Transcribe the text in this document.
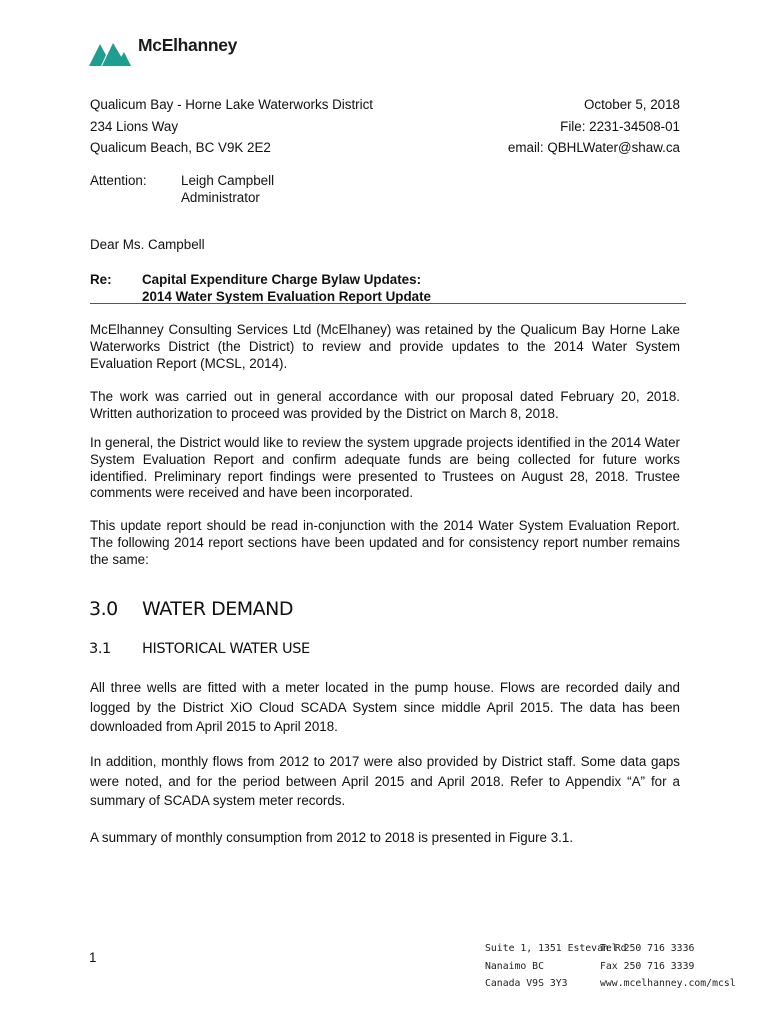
McElhanney
Qualicum Bay - Horne Lake Waterworks District
234 Lions Way
Qualicum Beach, BC V9K 2E2
October 5, 2018
File: 2231-34508-01
email: QBHLWater@shaw.ca
Attention:	Leigh Campbell
Administrator
Dear Ms. Campbell
Re: Capital Expenditure Charge Bylaw Updates:
2014 Water System Evaluation Report Update

McElhanney Consulting Services Ltd (McElhaney) was retained by the Qualicum Bay Horne Lake Waterworks District (the District) to review and provide updates to the 2014 Water System Evaluation Report (MCSL, 2014).

The work was carried out in general accordance with our proposal dated February 20, 2018. Written authorization to proceed was provided by the District on March 8, 2018.

In general, the District would like to review the system upgrade projects identified in the 2014 Water System Evaluation Report and confirm adequate funds are being collected for future works identified. Preliminary report findings were presented to Trustees on August 28, 2018. Trustee comments were received and have been incorporated.

This update report should be read in-conjunction with the 2014 Water System Evaluation Report. The following 2014 report sections have been updated and for consistency report number remains the same:

3.0 WATER DEMAND
3.1 HISTORICAL WATER USE

All three wells are fitted with a meter located in the pump house. Flows are recorded daily and logged by the District XiO Cloud SCADA System since middle April 2015. The data has been downloaded from April 2015 to April 2018.

In addition, monthly flows from 2012 to 2017 were also provided by District staff. Some data gaps were noted, and for the period between April 2015 and April 2018. Refer to Appendix “A” for a summary of SCADA system meter records.

A summary of monthly consumption from 2012 to 2018 is presented in Figure 3.1.

1
Suite 1, 1351 Estevan Rd
Nanaimo BC
Canada V9S 3Y3
Tel 250 716 3336
Fax 250 716 3339
www.mcelhanney.com/mcsl
